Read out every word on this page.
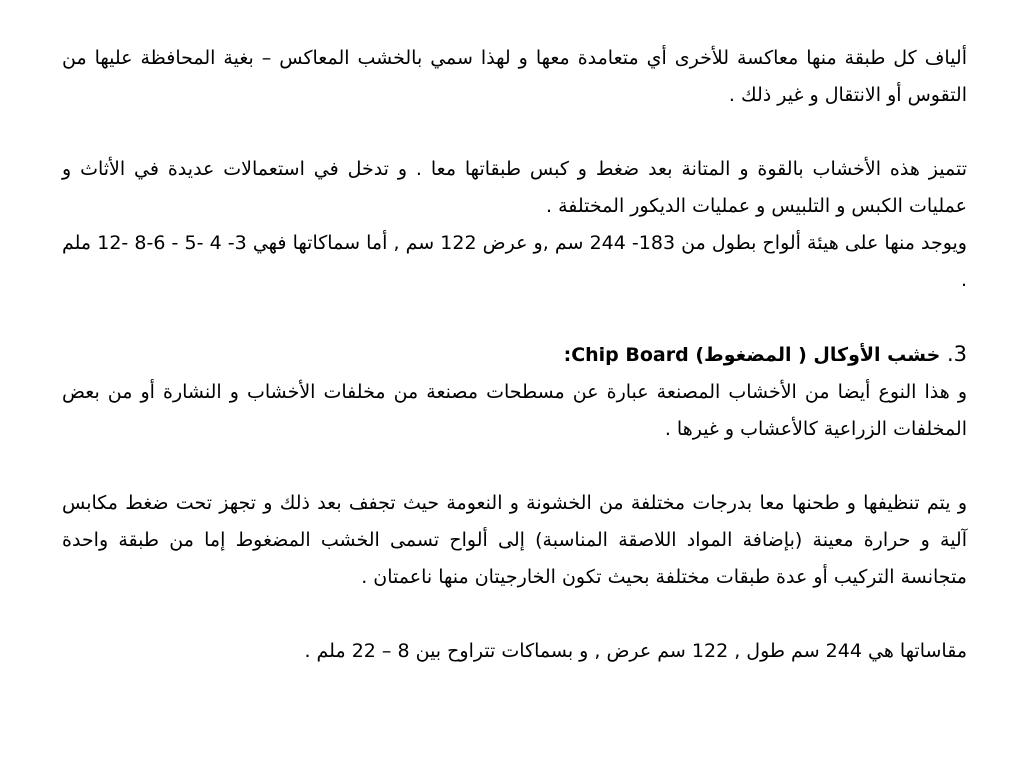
ألياف كل طبقة منها معاكسة للأخرى أي متعامدة معها و لهذا سمي بالخشب المعاكس – بغية المحافظة عليها من التقوس أو الانتقال و غير ذلك .

تتميز هذه الأخشاب بالقوة و المتانة بعد ضغط و كبس طبقاتها معا . و تدخل في استعمالات عديدة في الأثاث و عمليات الكبس و التلبيس و عمليات الديكور المختلفة .

ويوجد منها على هيئة ألواح بطول من 183- 244 سم ,و عرض 122 سم , أما سماكاتها فهي 3- 4 -5 - 6-8 -12 ملم .

3. خشب الأوكال ( المضغوط) Chip Board:

و هذا النوع أيضا من الأخشاب المصنعة عبارة عن مسطحات مصنعة من مخلفات الأخشاب و النشارة أو من بعض المخلفات الزراعية كالأعشاب و غيرها .

و يتم تنظيفها و طحنها معا بدرجات مختلفة من الخشونة و النعومة حيث تجفف بعد ذلك و تجهز تحت ضغط مكابس آلية و حرارة معينة (بإضافة المواد اللاصقة المناسبة) إلى ألواح تسمى الخشب المضغوط إما من طبقة واحدة متجانسة التركيب أو عدة طبقات مختلفة بحيث تكون الخارجيتان منها ناعمتان .

مقاساتها هي 244 سم طول , 122 سم عرض , و بسماكات تتراوح بين 8 – 22 ملم .
